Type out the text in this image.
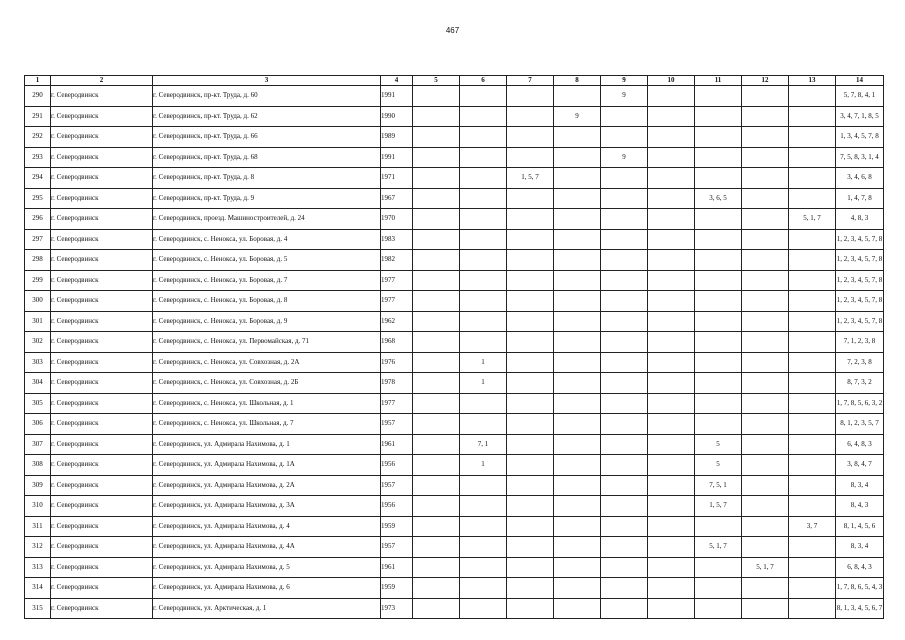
467
1	2	3	4	5	6	7	8	9	10	11	12	13	14
290	г. Северодвинск	г. Северодвинск, пр-кт. Труда, д. 60	1991					9					5, 7, 8, 4, 1
291	г. Северодвинск	г. Северодвинск, пр-кт. Труда, д. 62	1990				9						3, 4, 7, 1, 8, 5
292	г. Северодвинск	г. Северодвинск, пр-кт. Труда, д. 66	1989										1, 3, 4, 5, 7, 8
293	г. Северодвинск	г. Северодвинск, пр-кт. Труда, д. 68	1991					9					7, 5, 8, 3, 1, 4
294	г. Северодвинск	г. Северодвинск, пр-кт. Труда, д. 8	1971			1, 5, 7							3, 4, 6, 8
295	г. Северодвинск	г. Северодвинск, пр-кт. Труда, д. 9	1967							3, 6, 5			1, 4, 7, 8
296	г. Северодвинск	г. Северодвинск, проезд. Машиностроителей, д. 24	1970									5, 1, 7	4, 8, 3
297	г. Северодвинск	г. Северодвинск, с. Ненокса, ул. Боровая, д. 4	1983										1, 2, 3, 4, 5, 7, 8
298	г. Северодвинск	г. Северодвинск, с. Ненокса, ул. Боровая, д. 5	1982										1, 2, 3, 4, 5, 7, 8
299	г. Северодвинск	г. Северодвинск, с. Ненокса, ул. Боровая, д. 7	1977										1, 2, 3, 4, 5, 7, 8
300	г. Северодвинск	г. Северодвинск, с. Ненокса, ул. Боровая, д. 8	1977										1, 2, 3, 4, 5, 7, 8
301	г. Северодвинск	г. Северодвинск, с. Ненокса, ул. Боровая, д. 9	1962										1, 2, 3, 4, 5, 7, 8
302	г. Северодвинск	г. Северодвинск, с. Ненокса, ул. Первомайская, д. 71	1968										7, 1, 2, 3, 8
303	г. Северодвинск	г. Северодвинск, с. Ненокса, ул. Совхозная, д. 2А	1976		1								7, 2, 3, 8
304	г. Северодвинск	г. Северодвинск, с. Ненокса, ул. Совхозная, д. 2Б	1978		1								8, 7, 3, 2
305	г. Северодвинск	г. Северодвинск, с. Ненокса, ул. Школьная, д. 1	1977										1, 7, 8, 5, 6, 3, 2
306	г. Северодвинск	г. Северодвинск, с. Ненокса, ул. Школьная, д. 7	1957										8, 1, 2, 3, 5, 7
307	г. Северодвинск	г. Северодвинск, ул. Адмирала Нахимова, д. 1	1961		7, 1					5			6, 4, 8, 3
308	г. Северодвинск	г. Северодвинск, ул. Адмирала Нахимова, д. 1А	1956		1					5			3, 8, 4, 7
309	г. Северодвинск	г. Северодвинск, ул. Адмирала Нахимова, д. 2А	1957							7, 5, 1			8, 3, 4
310	г. Северодвинск	г. Северодвинск, ул. Адмирала Нахимова, д. 3А	1956							1, 5, 7			8, 4, 3
311	г. Северодвинск	г. Северодвинск, ул. Адмирала Нахимова, д. 4	1959									3, 7	8, 1, 4, 5, 6
312	г. Северодвинск	г. Северодвинск, ул. Адмирала Нахимова, д. 4А	1957							5, 1, 7			8, 3, 4
313	г. Северодвинск	г. Северодвинск, ул. Адмирала Нахимова, д. 5	1961								5, 1, 7		6, 8, 4, 3
314	г. Северодвинск	г. Северодвинск, ул. Адмирала Нахимова, д. 6	1959										1, 7, 8, 6, 5, 4, 3
315	г. Северодвинск	г. Северодвинск, ул. Арктическая, д. 1	1973										8, 1, 3, 4, 5, 6, 7
